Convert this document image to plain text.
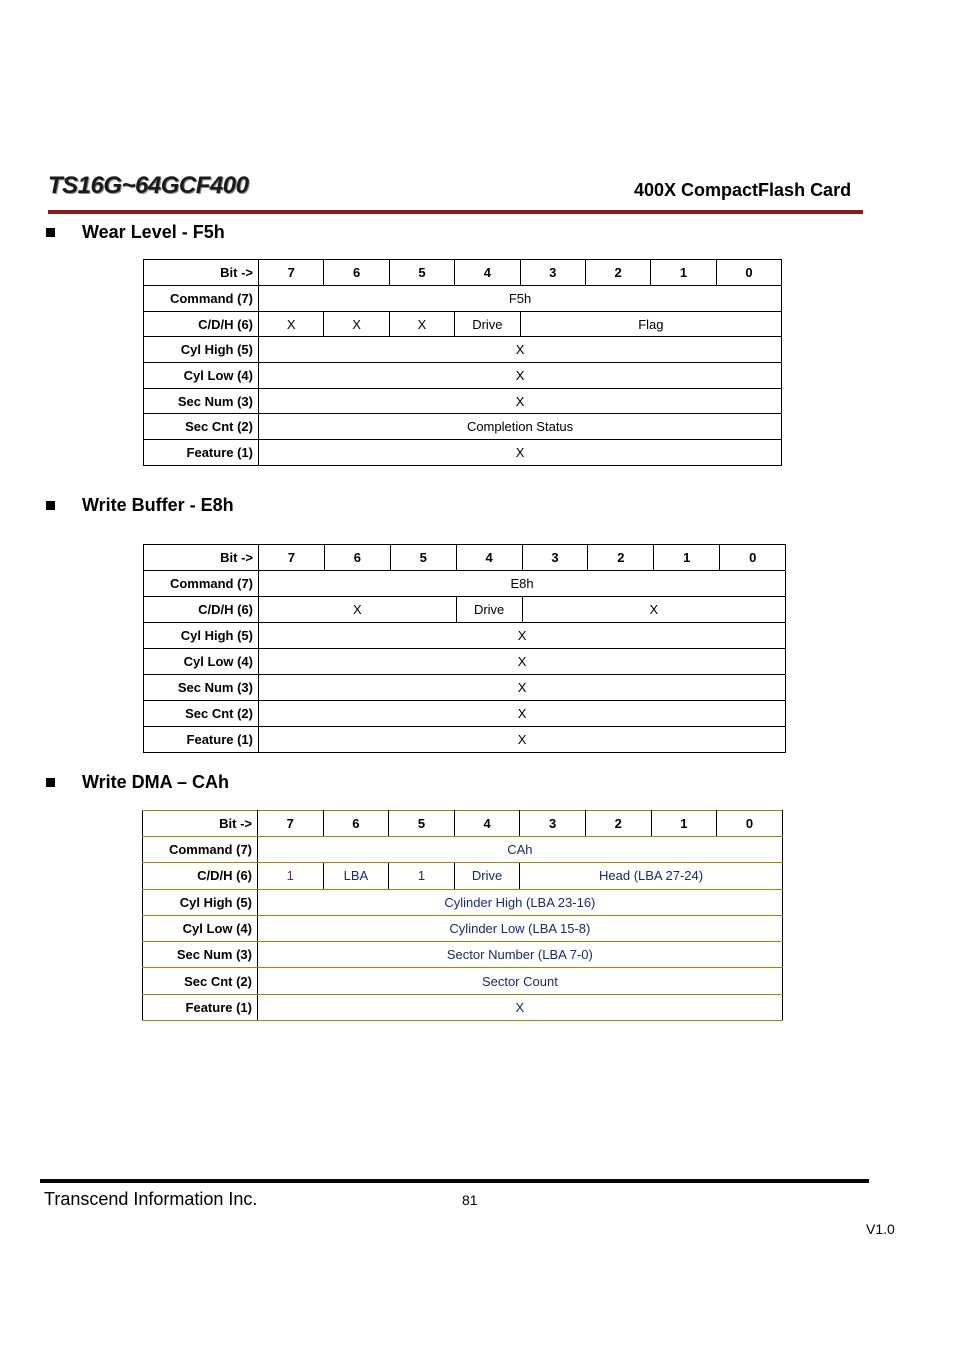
TS16G~64GCF400	400X CompactFlash Card
Wear Level - F5h
Bit ->	7	6	5	4	3	2	1	0
Command (7)	F5h							
C/D/H (6)	X	X	X	Drive	Flag			
Cyl High (5)	X							
Cyl Low (4)	X							
Sec Num (3)	X							
Sec Cnt (2)	Completion Status							
Feature (1)	X							
Write Buffer - E8h
Bit ->	7	6	5	4	3	2	1	0
Command (7)	E8h							
C/D/H (6)	X			Drive	X			
Cyl High (5)	X							
Cyl Low (4)	X							
Sec Num (3)	X							
Sec Cnt (2)	X							
Feature (1)	X							
Write DMA – CAh
Bit ->	7	6	5	4	3	2	1	0
Command (7)	CAh							
C/D/H (6)	1	LBA	1	Drive	Head (LBA 27-24)			
Cyl High (5)	Cylinder High (LBA 23-16)							
Cyl Low (4)	Cylinder Low (LBA 15-8)							
Sec Num (3)	Sector Number (LBA 7-0)							
Sec Cnt (2)	Sector Count							
Feature (1)	X							
Transcend Information Inc.	81
V1.0
